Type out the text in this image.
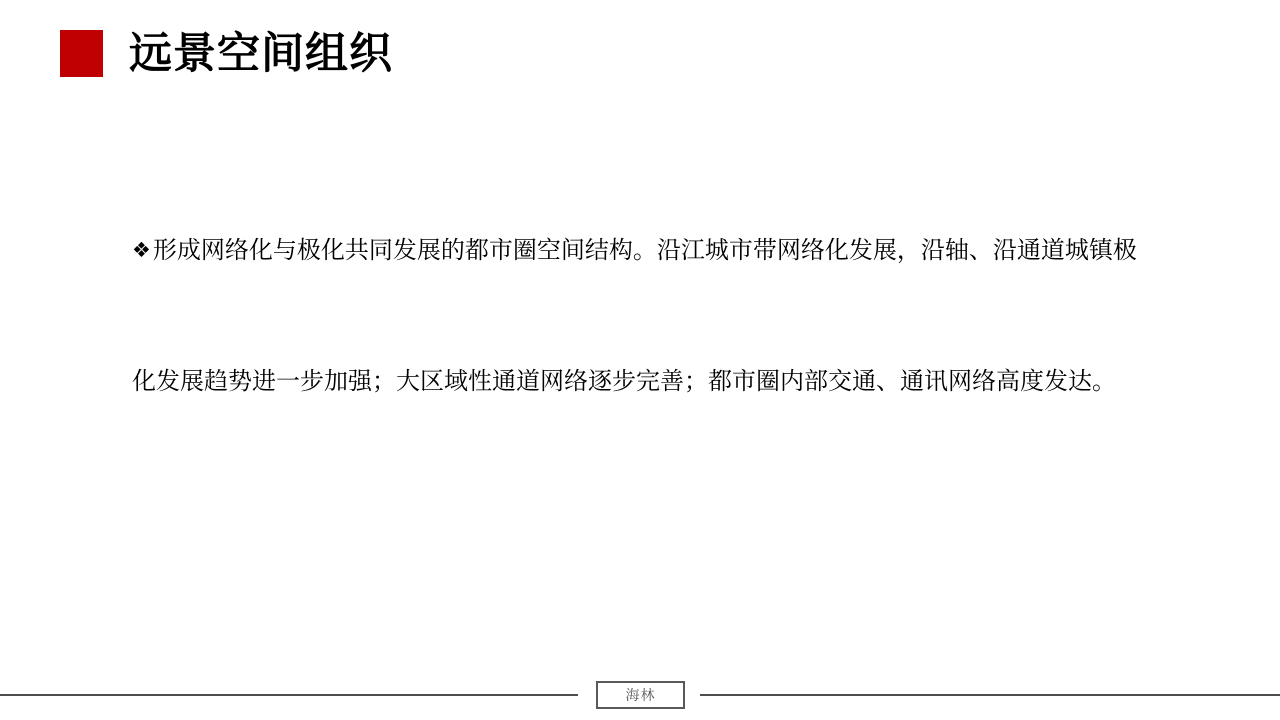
远景空间组织
❖形成网络化与极化共同发展的都市圈空间结构。沿江城市带网络化发展，沿轴、沿通道城镇极
化发展趋势进一步加强；大区域性通道网络逐步完善；都市圈内部交通、通讯网络高度发达。
海林
